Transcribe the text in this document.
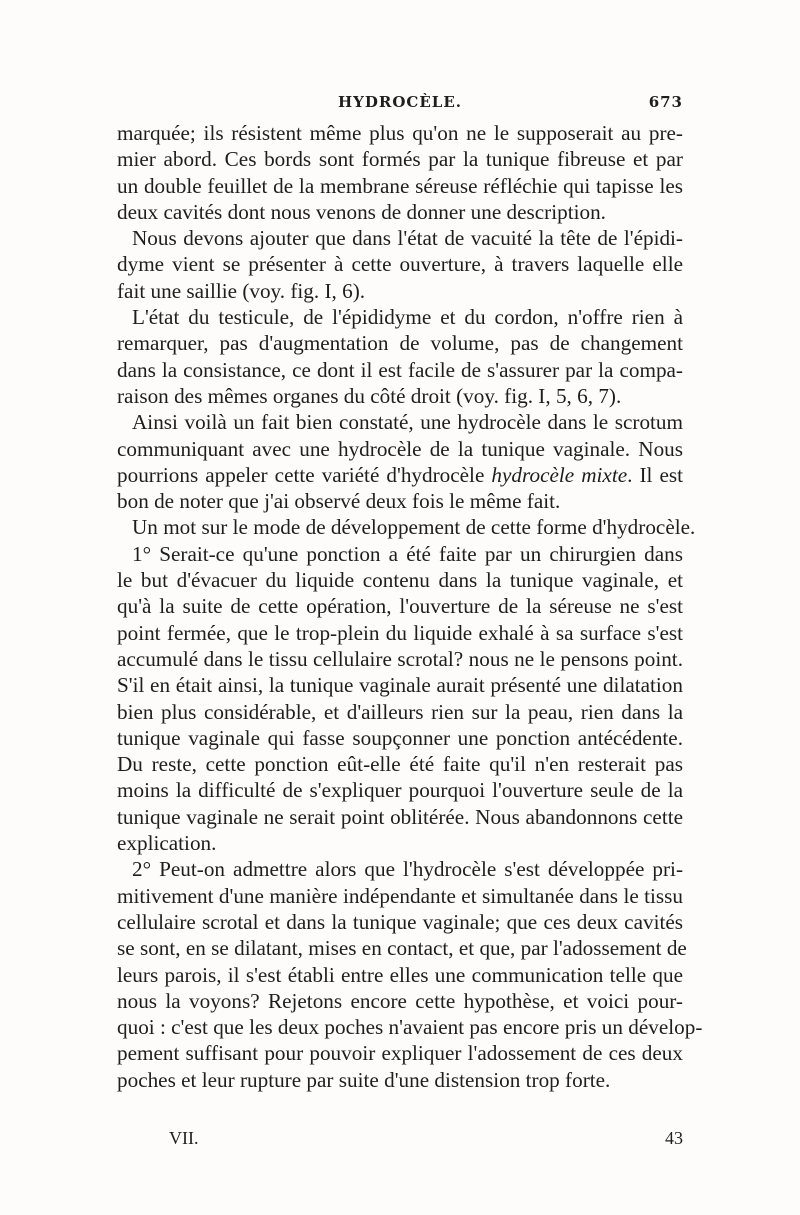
HYDROCÈLE.	673
marquée; ils résistent même plus qu'on ne le supposerait au pre-
mier abord. Ces bords sont formés par la tunique fibreuse et par
un double feuillet de la membrane séreuse réfléchie qui tapisse les
deux cavités dont nous venons de donner une description.
Nous devons ajouter que dans l'état de vacuité la tête de l'épidi-
dyme vient se présenter à cette ouverture, à travers laquelle elle
fait une saillie (voy. fig. I, 6).
L'état du testicule, de l'épididyme et du cordon, n'offre rien à
remarquer, pas d'augmentation de volume, pas de changement
dans la consistance, ce dont il est facile de s'assurer par la compa-
raison des mêmes organes du côté droit (voy. fig. I, 5, 6, 7).
Ainsi voilà un fait bien constaté, une hydrocèle dans le scrotum
communiquant avec une hydrocèle de la tunique vaginale. Nous
pourrions appeler cette variété d'hydrocèle hydrocèle mixte. Il est
bon de noter que j'ai observé deux fois le même fait.
Un mot sur le mode de développement de cette forme d'hydrocèle.
1° Serait-ce qu'une ponction a été faite par un chirurgien dans
le but d'évacuer du liquide contenu dans la tunique vaginale, et
qu'à la suite de cette opération, l'ouverture de la séreuse ne s'est
point fermée, que le trop-plein du liquide exhalé à sa surface s'est
accumulé dans le tissu cellulaire scrotal? nous ne le pensons point.
S'il en était ainsi, la tunique vaginale aurait présenté une dilatation
bien plus considérable, et d'ailleurs rien sur la peau, rien dans la
tunique vaginale qui fasse soupçonner une ponction antécédente.
Du reste, cette ponction eût-elle été faite qu'il n'en resterait pas
moins la difficulté de s'expliquer pourquoi l'ouverture seule de la
tunique vaginale ne serait point oblitérée. Nous abandonnons cette
explication.
2° Peut-on admettre alors que l'hydrocèle s'est développée pri-
mitivement d'une manière indépendante et simultanée dans le tissu
cellulaire scrotal et dans la tunique vaginale; que ces deux cavités
se sont, en se dilatant, mises en contact, et que, par l'adossement de
leurs parois, il s'est établi entre elles une communication telle que
nous la voyons? Rejetons encore cette hypothèse, et voici pour-
quoi : c'est que les deux poches n'avaient pas encore pris un dévelop-
pement suffisant pour pouvoir expliquer l'adossement de ces deux
poches et leur rupture par suite d'une distension trop forte.
VII.	43
